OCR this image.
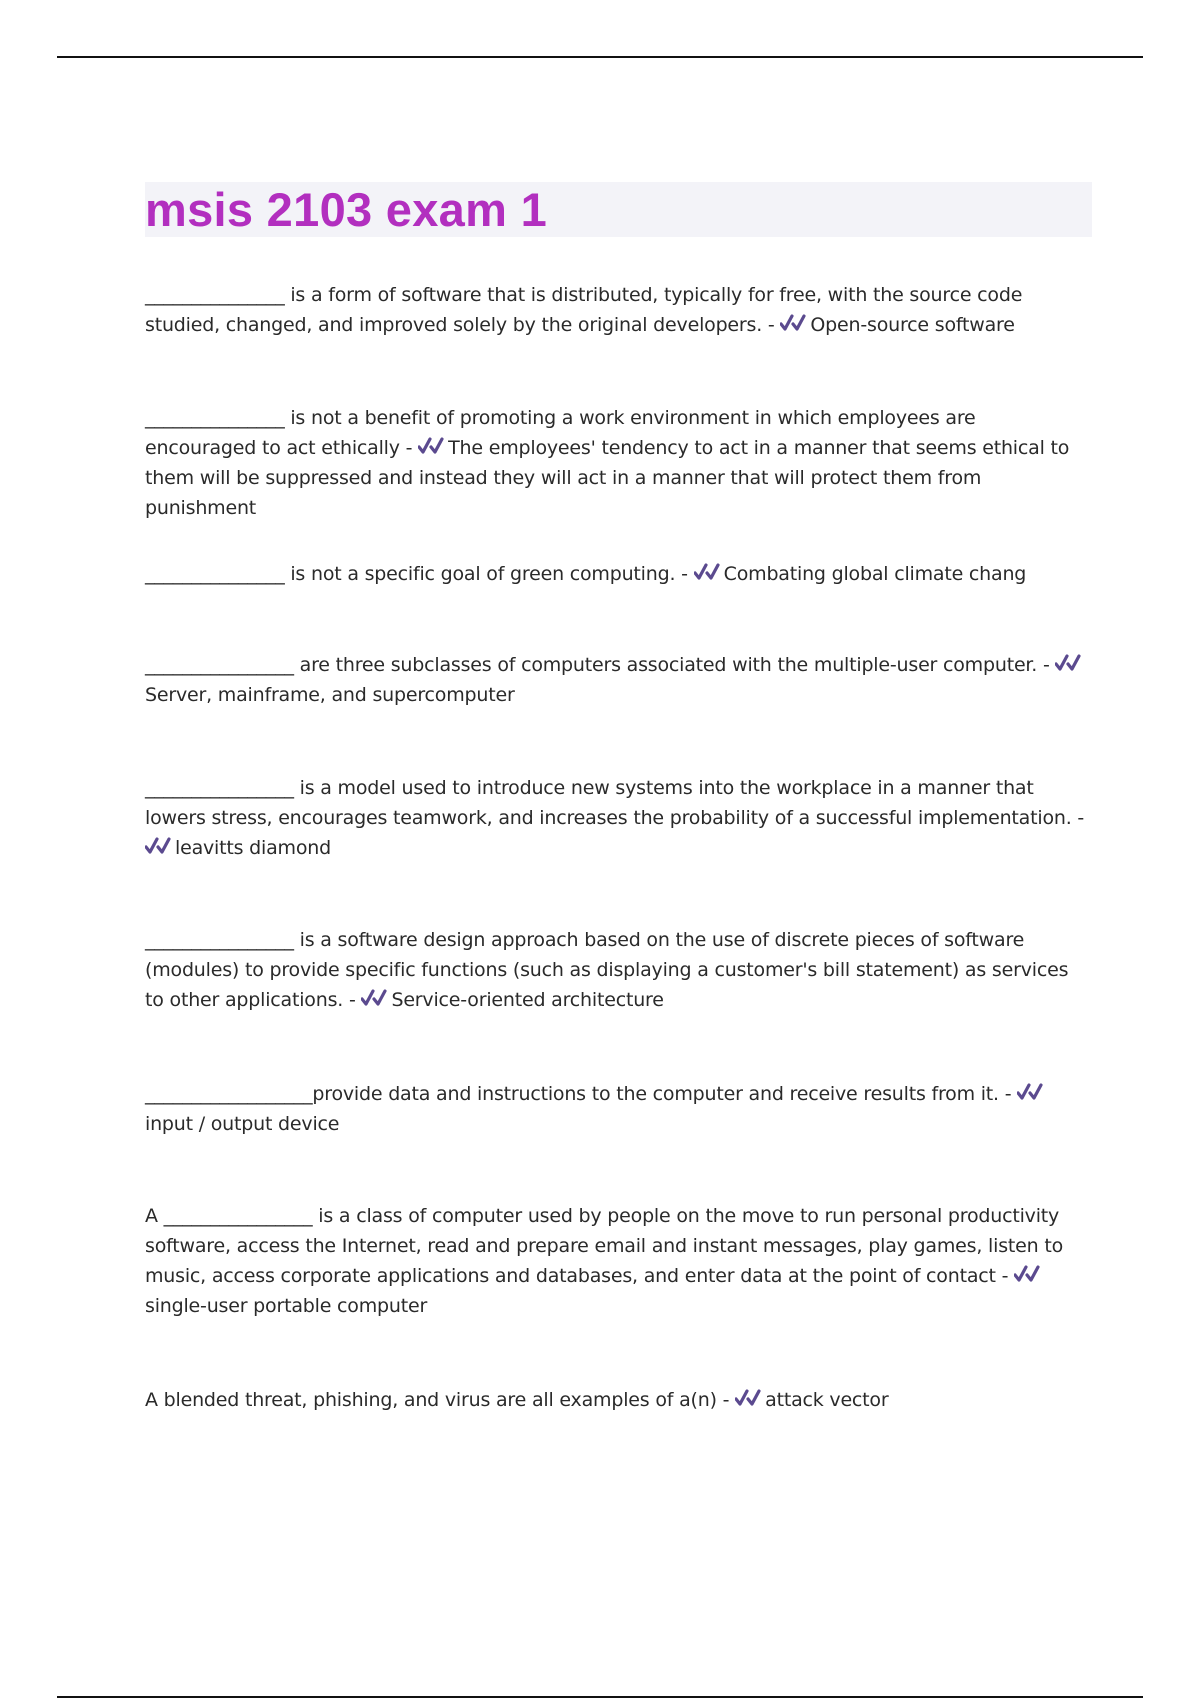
msis 2103 exam 1
_______________ is a form of software that is distributed, typically for free, with the source code studied, changed, and improved solely by the original developers. -
Open-source software
_______________ is not a benefit of promoting a work environment in which employees are encouraged to act ethically -
The employees' tendency to act in a manner that seems ethical to them will be suppressed and instead they will act in a manner that will protect them from punishment
_______________ is not a specific goal of green computing. -
Combating global climate chang
________________ are three subclasses of computers associated with the multiple-user computer. -
Server, mainframe, and supercomputer
________________ is a model used to introduce new systems into the workplace in a manner that lowers stress, encourages teamwork, and increases the probability of a successful implementation. -
leavitts diamond
________________ is a software design approach based on the use of discrete pieces of software (modules) to provide specific functions (such as displaying a customer's bill statement) as services to other applications. -
Service-oriented architecture
__________________provide data and instructions to the computer and receive results from it. -
input / output device
A ________________ is a class of computer used by people on the move to run personal productivity software, access the Internet, read and prepare email and instant messages, play games, listen to music, access corporate applications and databases, and enter data at the point of contact -
single-user portable computer
A blended threat, phishing, and virus are all examples of a(n) -
attack vector
